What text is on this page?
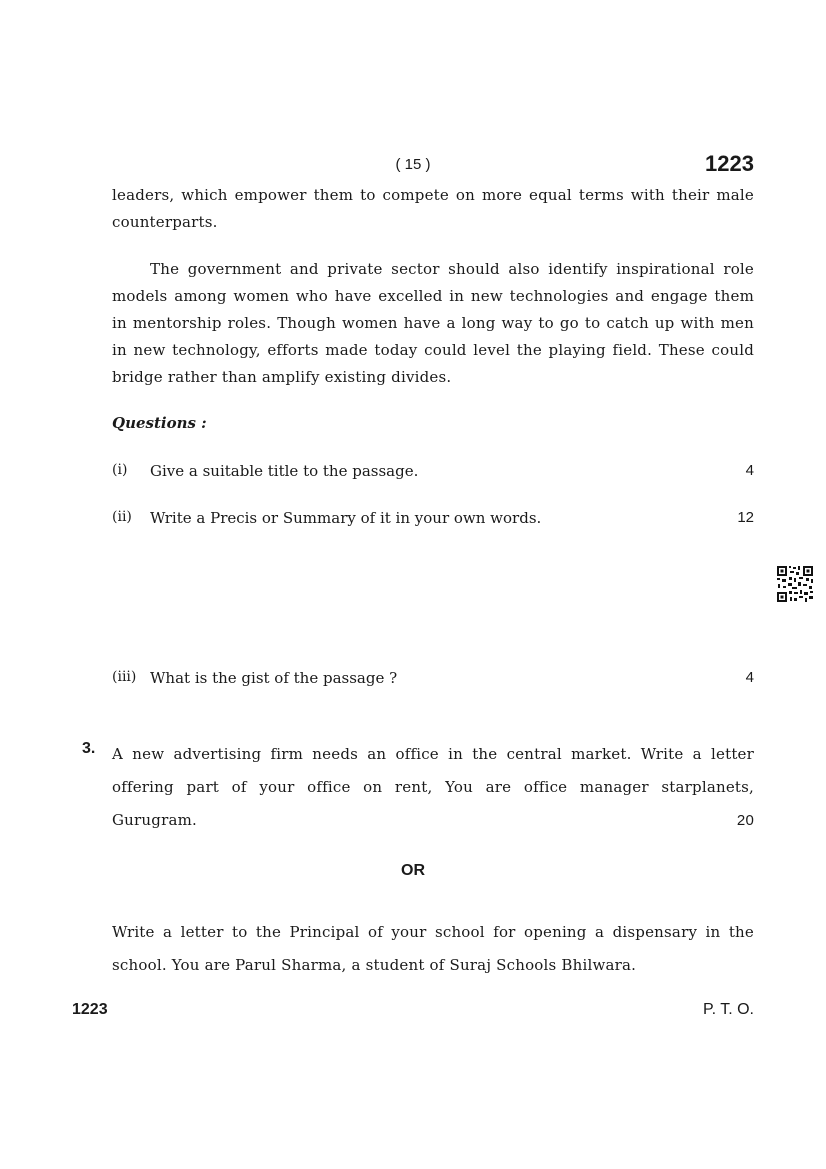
( 15 )	1223
leaders, which empower them to compete on more equal terms with their male counterparts.
The government and private sector should also identify inspirational role models among women who have excelled in new technologies and engage them in mentorship roles. Though women have a long way to go to catch up with men in new technology, efforts made today could level the playing field. These could bridge rather than amplify existing divides.
Questions :
(i) Give a suitable title to the passage.	4
(ii) Write a Precis or Summary of it in your own words.	12
(iii) What is the gist of the passage ?	4
3. A new advertising firm needs an office in the central market. Write a letter
offering part of your office on rent, You are office manager starplanets,
Gurugram.	20
OR
Write a letter to the Principal of your school for opening a dispensary in the school. You are Parul Sharma, a student of Suraj Schools Bhilwara.
1223	P. T. O.
